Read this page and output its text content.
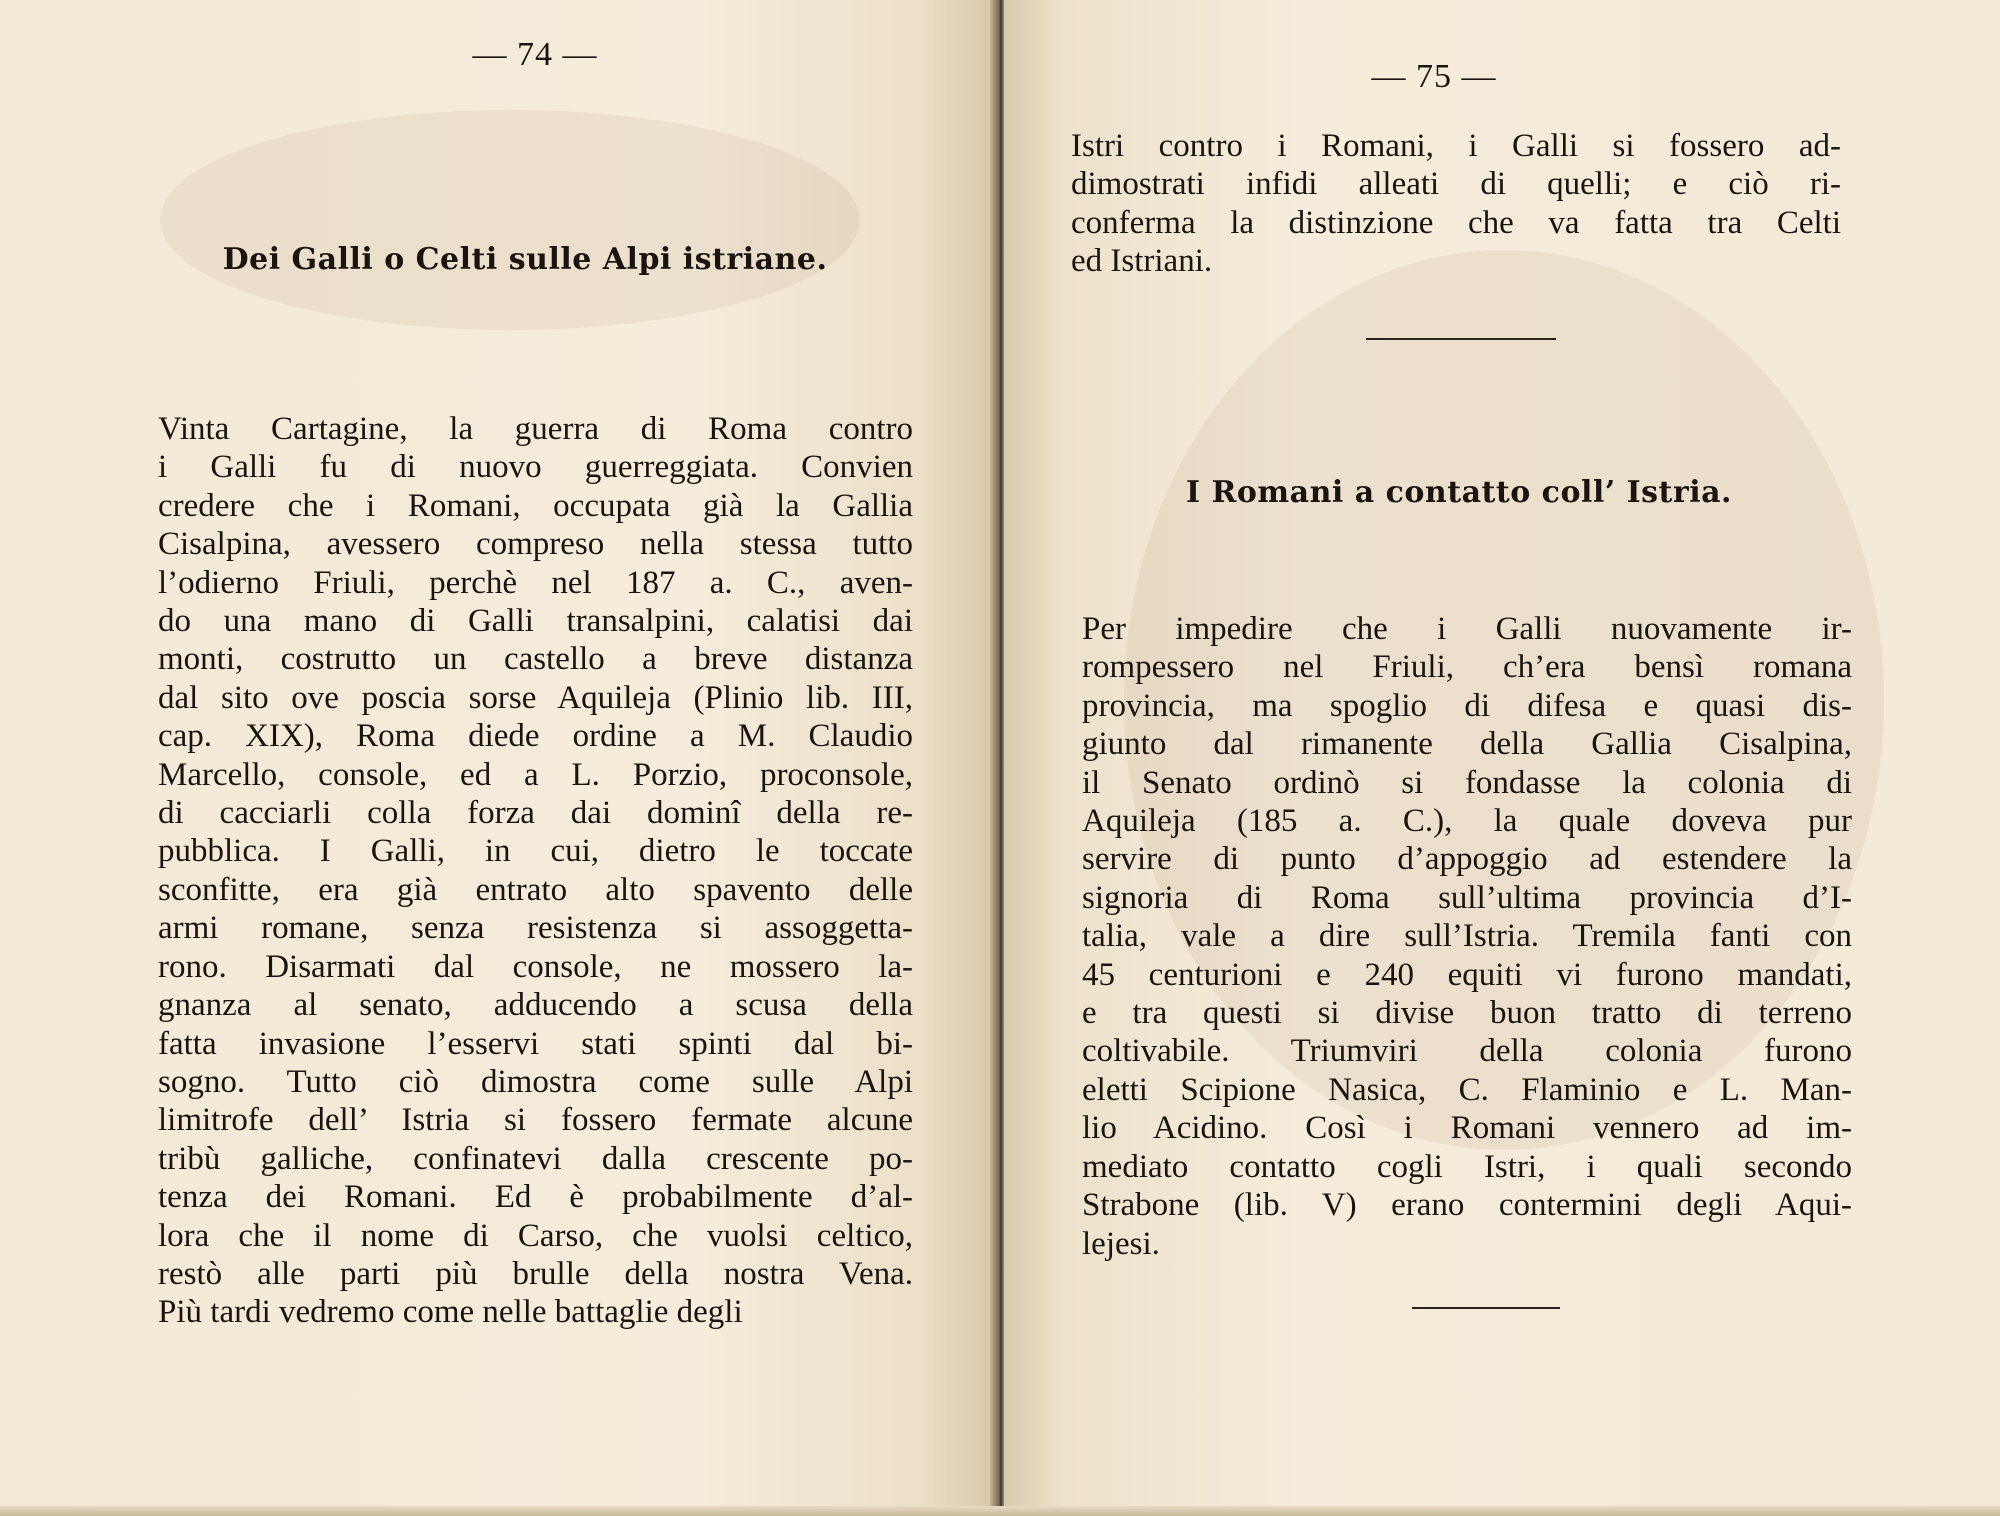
— 74 —
Dei Galli o Celti sulle Alpi istriane.
Vinta Cartagine, la guerra di Roma contro
i Galli fu di nuovo guerreggiata. Convien
credere che i Romani, occupata già la Gallia
Cisalpina, avessero compreso nella stessa tutto
l’odierno Friuli, perchè nel 187 a. C., aven-
do una mano di Galli transalpini, calatisi dai
monti, costrutto un castello a breve distanza
dal sito ove poscia sorse Aquileja (Plinio lib. III,
cap. XIX), Roma diede ordine a M. Claudio
Marcello, console, ed a L. Porzio, proconsole,
di cacciarli colla forza dai dominî della re-
pubblica. I Galli, in cui, dietro le toccate
sconfitte, era già entrato alto spavento delle
armi romane, senza resistenza si assoggetta-
rono. Disarmati dal console, ne mossero la-
gnanza al senato, adducendo a scusa della
fatta invasione l’esservi stati spinti dal bi-
sogno. Tutto ciò dimostra come sulle Alpi
limitrofe dell’ Istria si fossero fermate alcune
tribù galliche, confinatevi dalla crescente po-
tenza dei Romani. Ed è probabilmente d’al-
lora che il nome di Carso, che vuolsi celtico,
restò alle parti più brulle della nostra Vena.
Più tardi vedremo come nelle battaglie degli
— 75 —
Istri contro i Romani, i Galli si fossero ad-
dimostrati infidi alleati di quelli; e ciò ri-
conferma la distinzione che va fatta tra Celti
ed Istriani.
I Romani a contatto coll’ Istria.
Per impedire che i Galli nuovamente ir-
rompessero nel Friuli, ch’era bensì romana
provincia, ma spoglio di difesa e quasi dis-
giunto dal rimanente della Gallia Cisalpina,
il Senato ordinò si fondasse la colonia di
Aquileja (185 a. C.), la quale doveva pur
servire di punto d’appoggio ad estendere la
signoria di Roma sull’ultima provincia d’I-
talia, vale a dire sull’Istria. Tremila fanti con
45 centurioni e 240 equiti vi furono mandati,
e tra questi si divise buon tratto di terreno
coltivabile. Triumviri della colonia furono
eletti Scipione Nasica, C. Flaminio e L. Man-
lio Acidino. Così i Romani vennero ad im-
mediato contatto cogli Istri, i quali secondo
Strabone (lib. V) erano contermini degli Aqui-
lejesi.
